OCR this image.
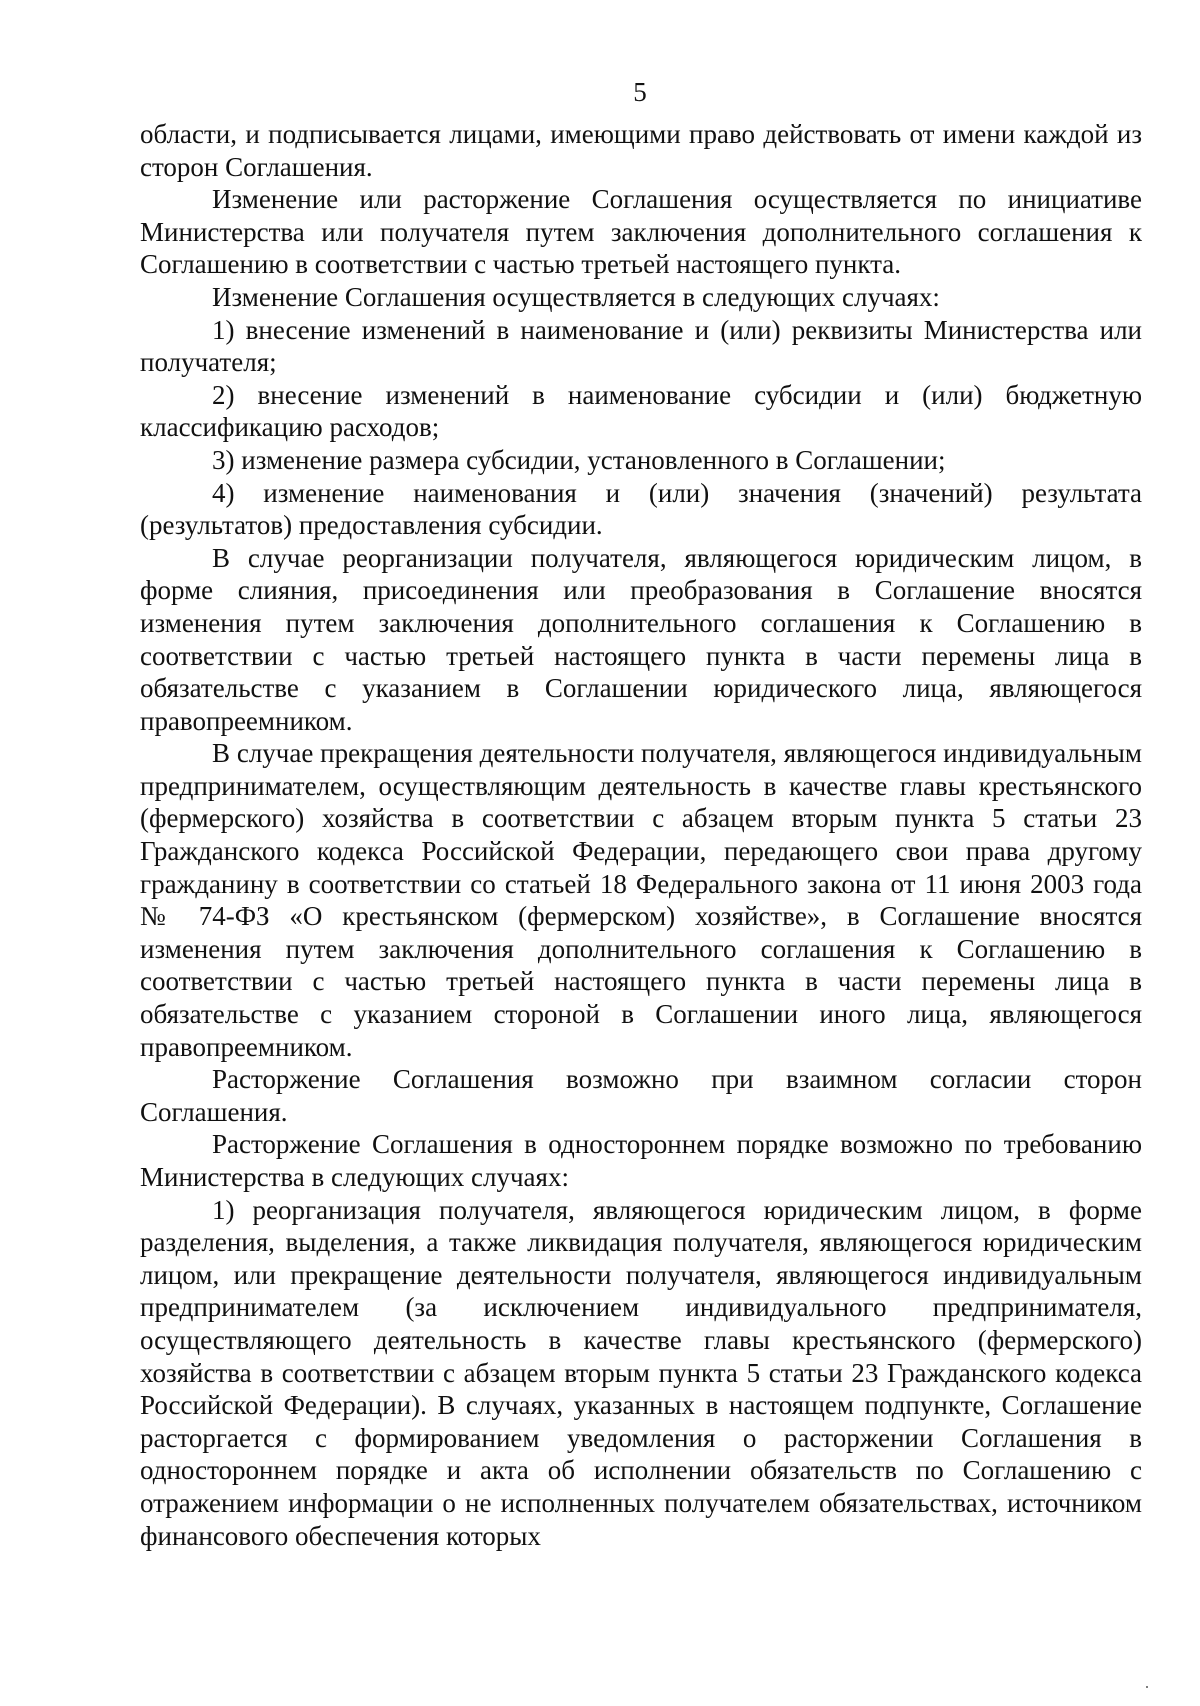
5

области, и подписывается лицами, имеющими право действовать от имени каждой из сторон Соглашения.

Изменение или расторжение Соглашения осуществляется по инициативе Министерства или получателя путем заключения дополнительного соглашения к Соглашению в соответствии с частью третьей настоящего пункта.

Изменение Соглашения осуществляется в следующих случаях:

1) внесение изменений в наименование и (или) реквизиты Министерства или получателя;

2) внесение изменений в наименование субсидии и (или) бюджетную классификацию расходов;

3) изменение размера субсидии, установленного в Соглашении;

4) изменение наименования и (или) значения (значений) результата (результатов) предоставления субсидии.

В случае реорганизации получателя, являющегося юридическим лицом, в форме слияния, присоединения или преобразования в Соглашение вносятся изменения путем заключения дополнительного соглашения к Соглашению в соответствии с частью третьей настоящего пункта в части перемены лица в обязательстве с указанием в Соглашении юридического лица, являющегося правопреемником.

В случае прекращения деятельности получателя, являющегося индивидуальным предпринимателем, осуществляющим деятельность в качестве главы крестьянского (фермерского) хозяйства в соответствии с абзацем вторым пункта 5 статьи 23 Гражданского кодекса Российской Федерации, передающего свои права другому гражданину в соответствии со статьей 18 Федерального закона от 11 июня 2003 года № 74-ФЗ «О крестьянском (фермерском) хозяйстве», в Соглашение вносятся изменения путем заключения дополнительного соглашения к Соглашению в соответствии с частью третьей настоящего пункта в части перемены лица в обязательстве с указанием стороной в Соглашении иного лица, являющегося правопреемником.

Расторжение Соглашения возможно при взаимном согласии сторон Соглашения.

Расторжение Соглашения в одностороннем порядке возможно по требованию Министерства в следующих случаях:

1) реорганизация получателя, являющегося юридическим лицом, в форме разделения, выделения, а также ликвидация получателя, являющегося юридическим лицом, или прекращение деятельности получателя, являющегося индивидуальным предпринимателем (за исключением индивидуального предпринимателя, осуществляющего деятельность в качестве главы крестьянского (фермерского) хозяйства в соответствии с абзацем вторым пункта 5 статьи 23 Гражданского кодекса Российской Федерации). В случаях, указанных в настоящем подпункте, Соглашение расторгается с формированием уведомления о расторжении Соглашения в одностороннем порядке и акта об исполнении обязательств по Соглашению с отражением информации о не исполненных получателем обязательствах, источником финансового обеспечения которых
